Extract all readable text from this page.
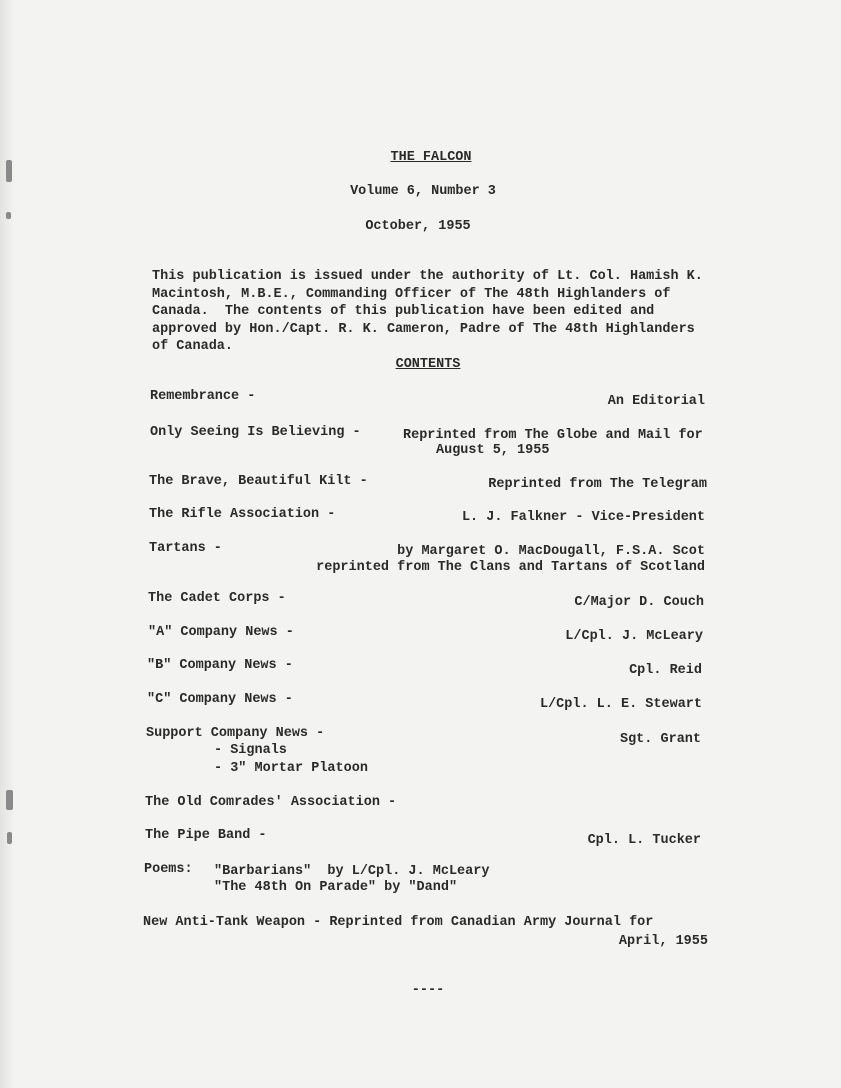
THE FALCON
Volume 6, Number 3
October, 1955
This publication is issued under the authority of Lt. Col. Hamish K.
Macintosh, M.B.E., Commanding Officer of The 48th Highlanders of
Canada.  The contents of this publication have been edited and
approved by Hon./Capt. R. K. Cameron, Padre of The 48th Highlanders
of Canada.
CONTENTS
Remembrance -	An Editorial
Only Seeing Is Believing -	Reprinted from The Globe and Mail for
August 5, 1955
The Brave, Beautiful Kilt -	Reprinted from The Telegram
The Rifle Association -	L. J. Falkner - Vice-President
Tartans -	by Margaret O. MacDougall, F.S.A. Scot
reprinted from The Clans and Tartans of Scotland
The Cadet Corps -	C/Major D. Couch
"A" Company News -	L/Cpl. J. McLeary
"B" Company News -	Cpl. Reid
"C" Company News -	L/Cpl. L. E. Stewart
Support Company News -	Sgt. Grant
- Signals
- 3" Mortar Platoon
The Old Comrades' Association -
The Pipe Band -	Cpl. L. Tucker
Poems: "Barbarians"  by L/Cpl. J. McLeary
"The 48th On Parade" by "Dand"
New Anti-Tank Weapon - Reprinted from Canadian Army Journal for
April, 1955
----
